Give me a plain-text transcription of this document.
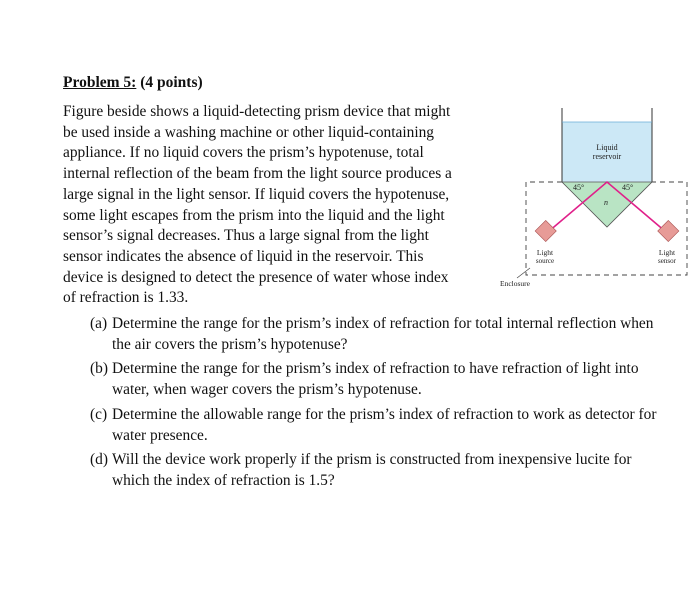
Problem 5: (4 points)
Figure beside shows a liquid-detecting prism device that might
be used inside a washing machine or other liquid-containing
appliance. If no liquid covers the prism’s hypotenuse, total
internal reflection of the beam from the light source produces a
large signal in the light sensor. If liquid covers the hypotenuse,
some light escapes from the prism into the liquid and the light
sensor’s signal decreases. Thus a large signal from the light
sensor indicates the absence of liquid in the reservoir. This
device is designed to detect the presence of water whose index
of refraction is 1.33.
(a) Determine the range for the prism’s index of refraction for total internal reflection when
the air covers the prism’s hypotenuse?
(b) Determine the range for the prism’s index of refraction to have refraction of light into
water, when wager covers the prism’s hypotenuse.
(c) Determine the allowable range for the prism’s index of refraction to work as detector for
water presence.
(d) Will the device work properly if the prism is constructed from inexpensive lucite for
which the index of refraction is 1.5?
Liquid
reservoir
45°	45°
n
Light
source
Light
sensor
Enclosure
